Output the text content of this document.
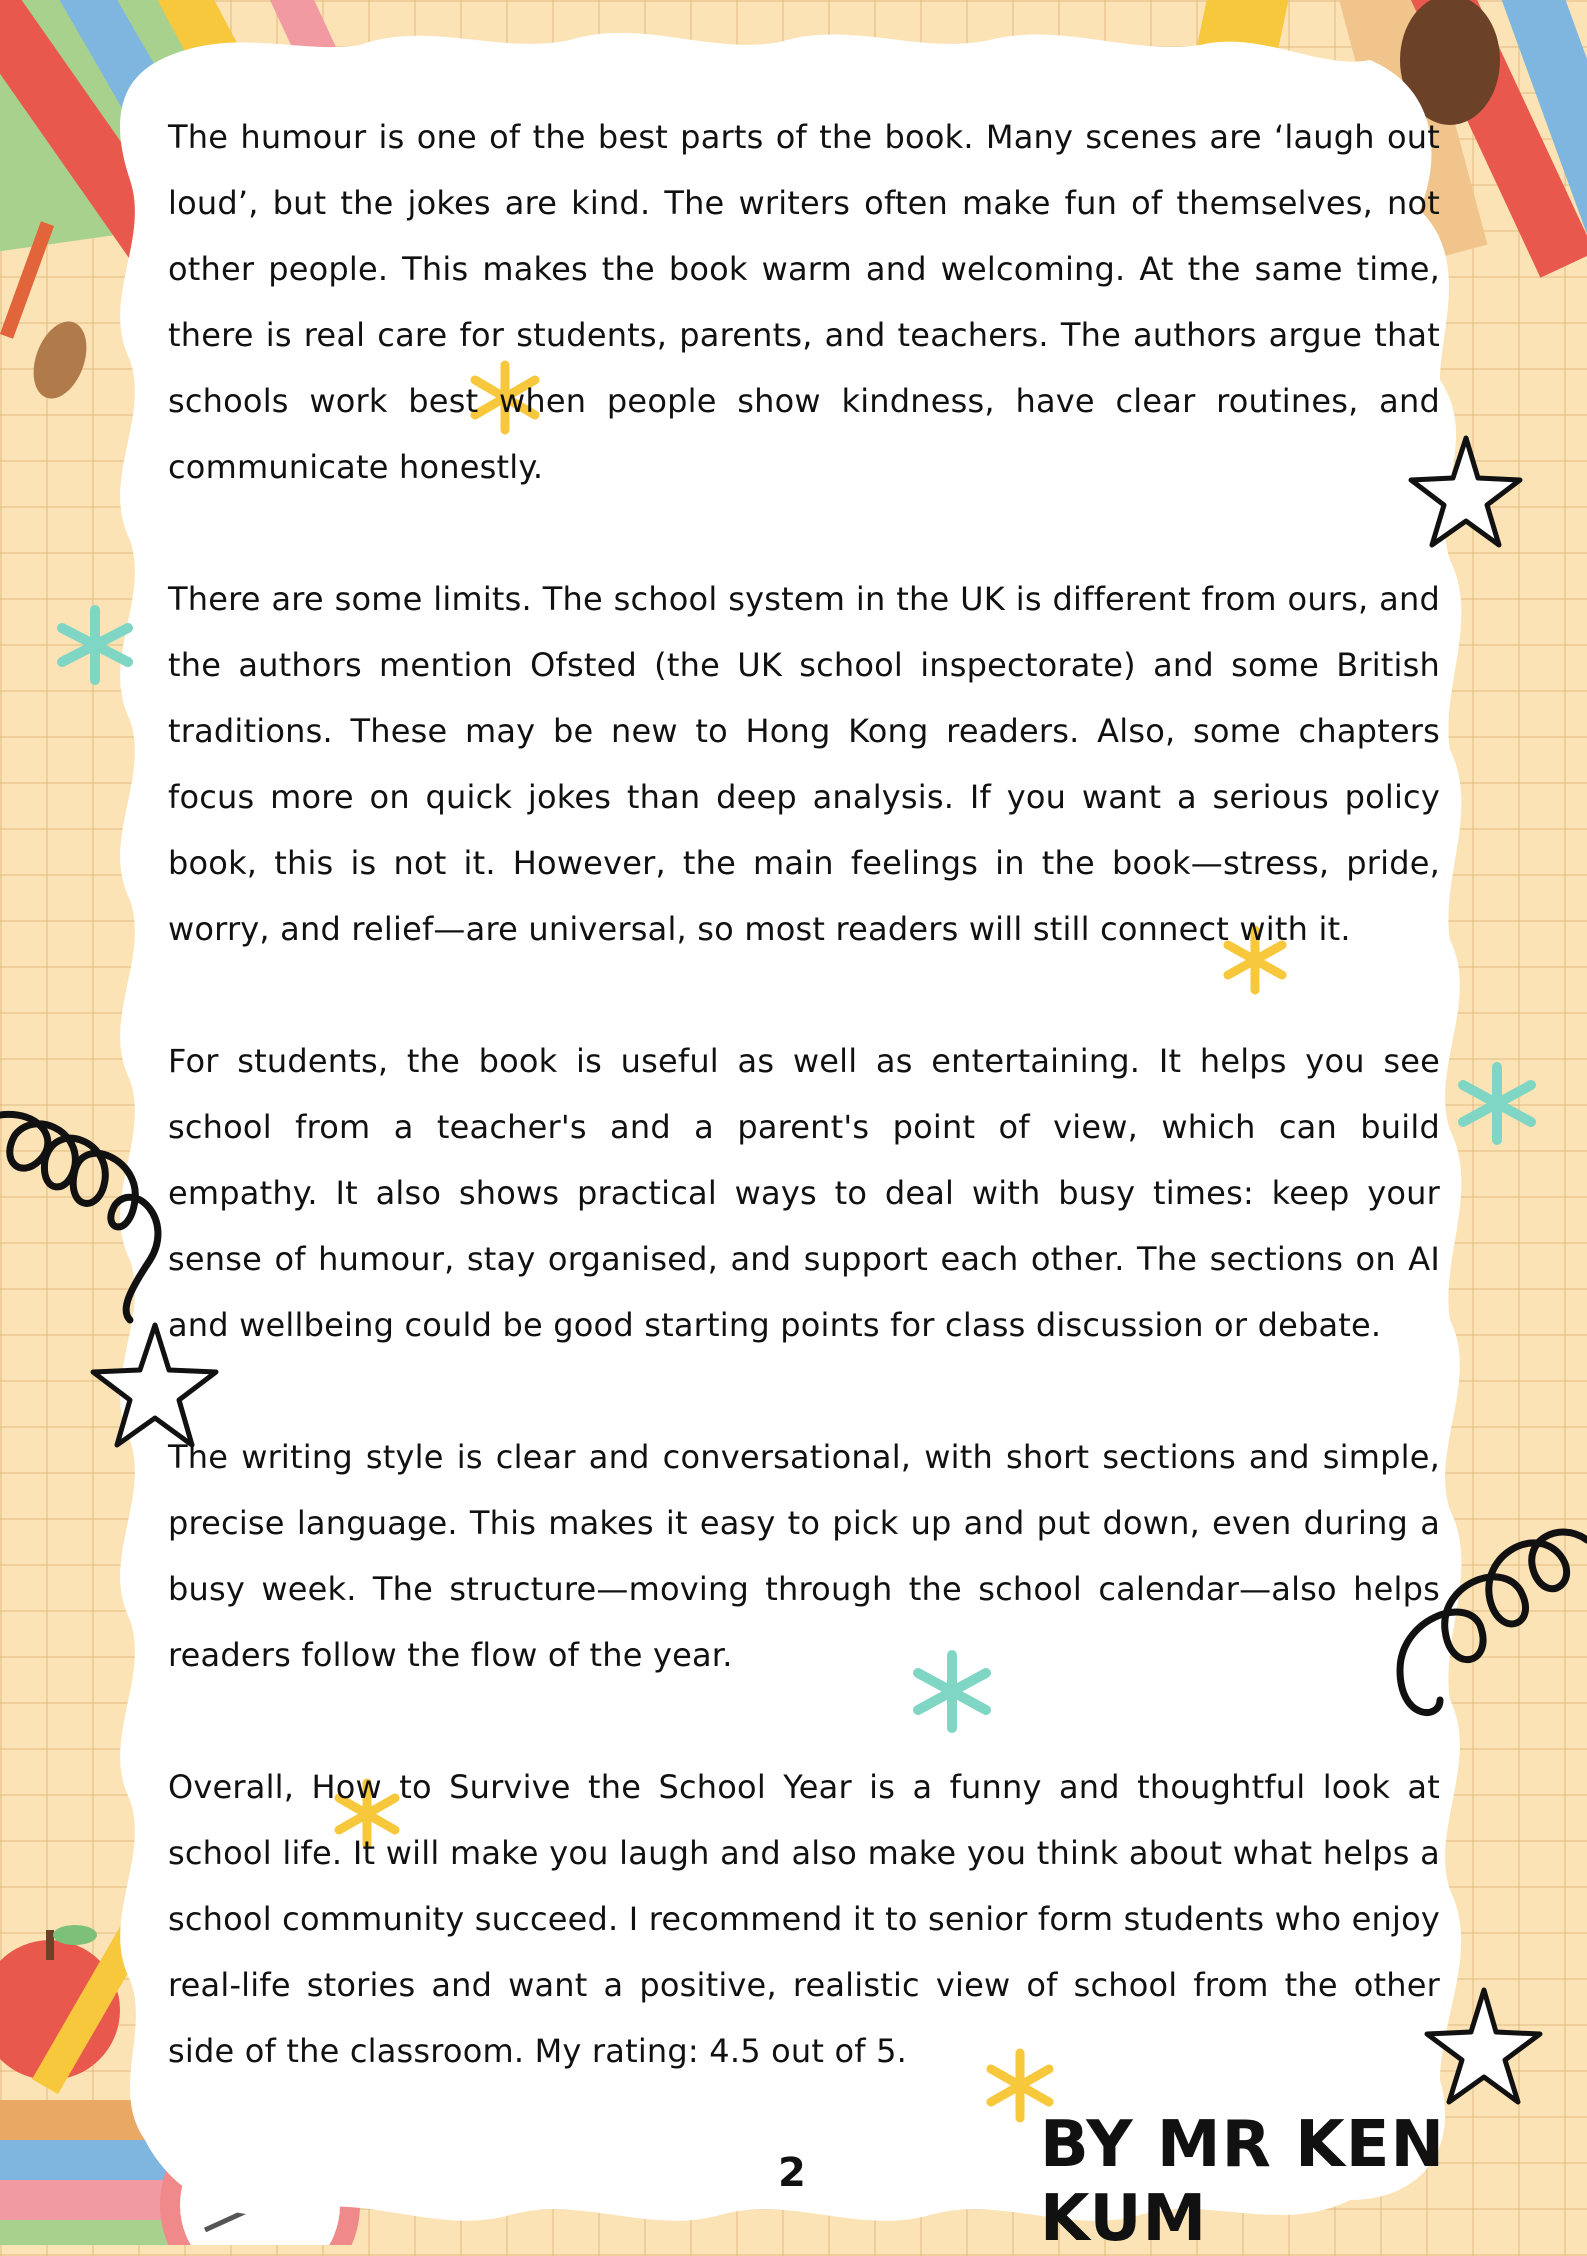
The humour is one of the best parts of the book. Many scenes are ‘laugh out loud’, but the jokes are kind. The writers often make fun of themselves, not other people. This makes the book warm and welcoming. At the same time, there is real care for students, parents, and teachers. The authors argue that schools work best when people show kindness, have clear routines, and communicate honestly.

There are some limits. The school system in the UK is different from ours, and the authors mention Ofsted (the UK school inspectorate) and some British traditions. These may be new to Hong Kong readers. Also, some chapters focus more on quick jokes than deep analysis. If you want a serious policy book, this is not it. However, the main feelings in the book—stress, pride, worry, and relief—are universal, so most readers will still connect with it.

For students, the book is useful as well as entertaining. It helps you see school from a teacher's and a parent's point of view, which can build empathy. It also shows practical ways to deal with busy times: keep your sense of humour, stay organised, and support each other. The sections on AI and wellbeing could be good starting points for class discussion or debate.

The writing style is clear and conversational, with short sections and simple, precise language. This makes it easy to pick up and put down, even during a busy week. The structure—moving through the school calendar—also helps readers follow the flow of the year.

Overall, How to Survive the School Year is a funny and thoughtful look at school life. It will make you laugh and also make you think about what helps a school community succeed. I recommend it to senior form students who enjoy real-life stories and want a positive, realistic view of school from the other side of the classroom. My rating: 4.5 out of 5.

2	BY MR KEN KUM
